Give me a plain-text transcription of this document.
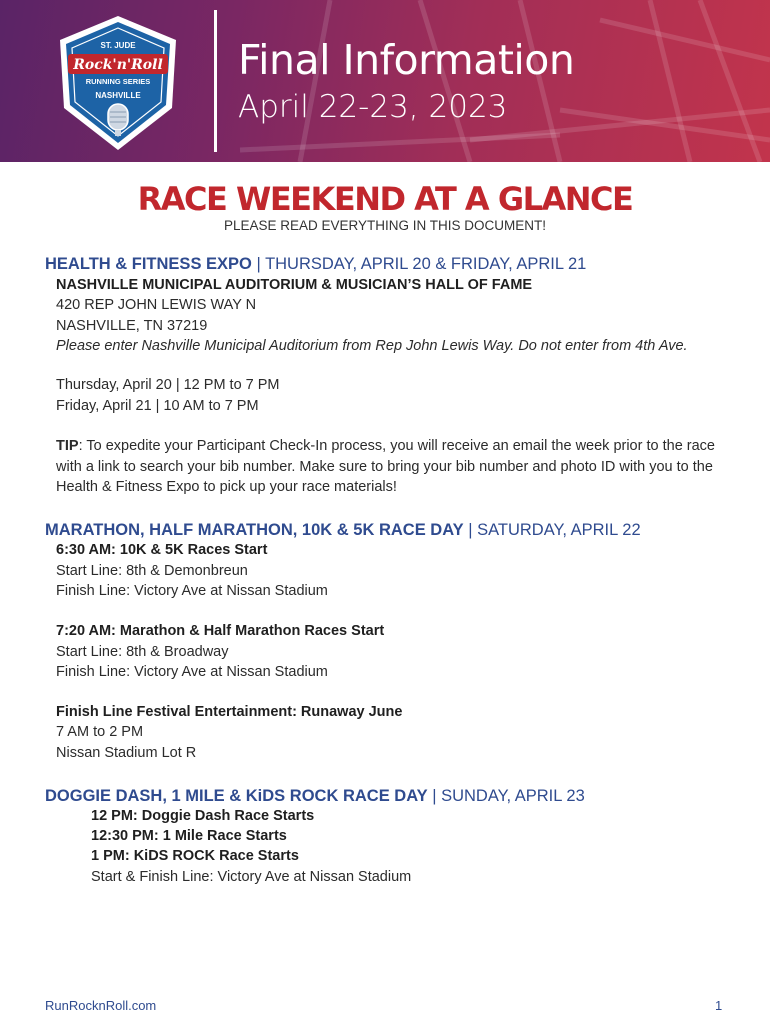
ST. JUDE
Rock'n'Roll
RUNNING SERIES
NASHVILLE
Final Information
April 22-23, 2023
RACE WEEKEND AT A GLANCE
PLEASE READ EVERYTHING IN THIS DOCUMENT!
HEALTH & FITNESS EXPO | THURSDAY, APRIL 20 & FRIDAY, APRIL 21
NASHVILLE MUNICIPAL AUDITORIUM & MUSICIAN’S HALL OF FAME
420 REP JOHN LEWIS WAY N
NASHVILLE, TN 37219
Please enter Nashville Municipal Auditorium from Rep John Lewis Way. Do not enter from 4th Ave.
Thursday, April 20 | 12 PM to 7 PM
Friday, April 21 | 10 AM to 7 PM
TIP: To expedite your Participant Check-In process, you will receive an email the week prior to the race with a link to search your bib number. Make sure to bring your bib number and photo ID with you to the Health & Fitness Expo to pick up your race materials!
MARATHON, HALF MARATHON, 10K & 5K RACE DAY | SATURDAY, APRIL 22
6:30 AM: 10K & 5K Races Start
Start Line: 8th & Demonbreun
Finish Line: Victory Ave at Nissan Stadium
7:20 AM: Marathon & Half Marathon Races Start
Start Line: 8th & Broadway
Finish Line: Victory Ave at Nissan Stadium
Finish Line Festival Entertainment: Runaway June
7 AM to 2 PM
Nissan Stadium Lot R
DOGGIE DASH, 1 MILE & KiDS ROCK RACE DAY | SUNDAY, APRIL 23
12 PM: Doggie Dash Race Starts
12:30 PM: 1 Mile Race Starts
1 PM: KiDS ROCK Race Starts
Start & Finish Line: Victory Ave at Nissan Stadium
RunRocknRoll.com	1
